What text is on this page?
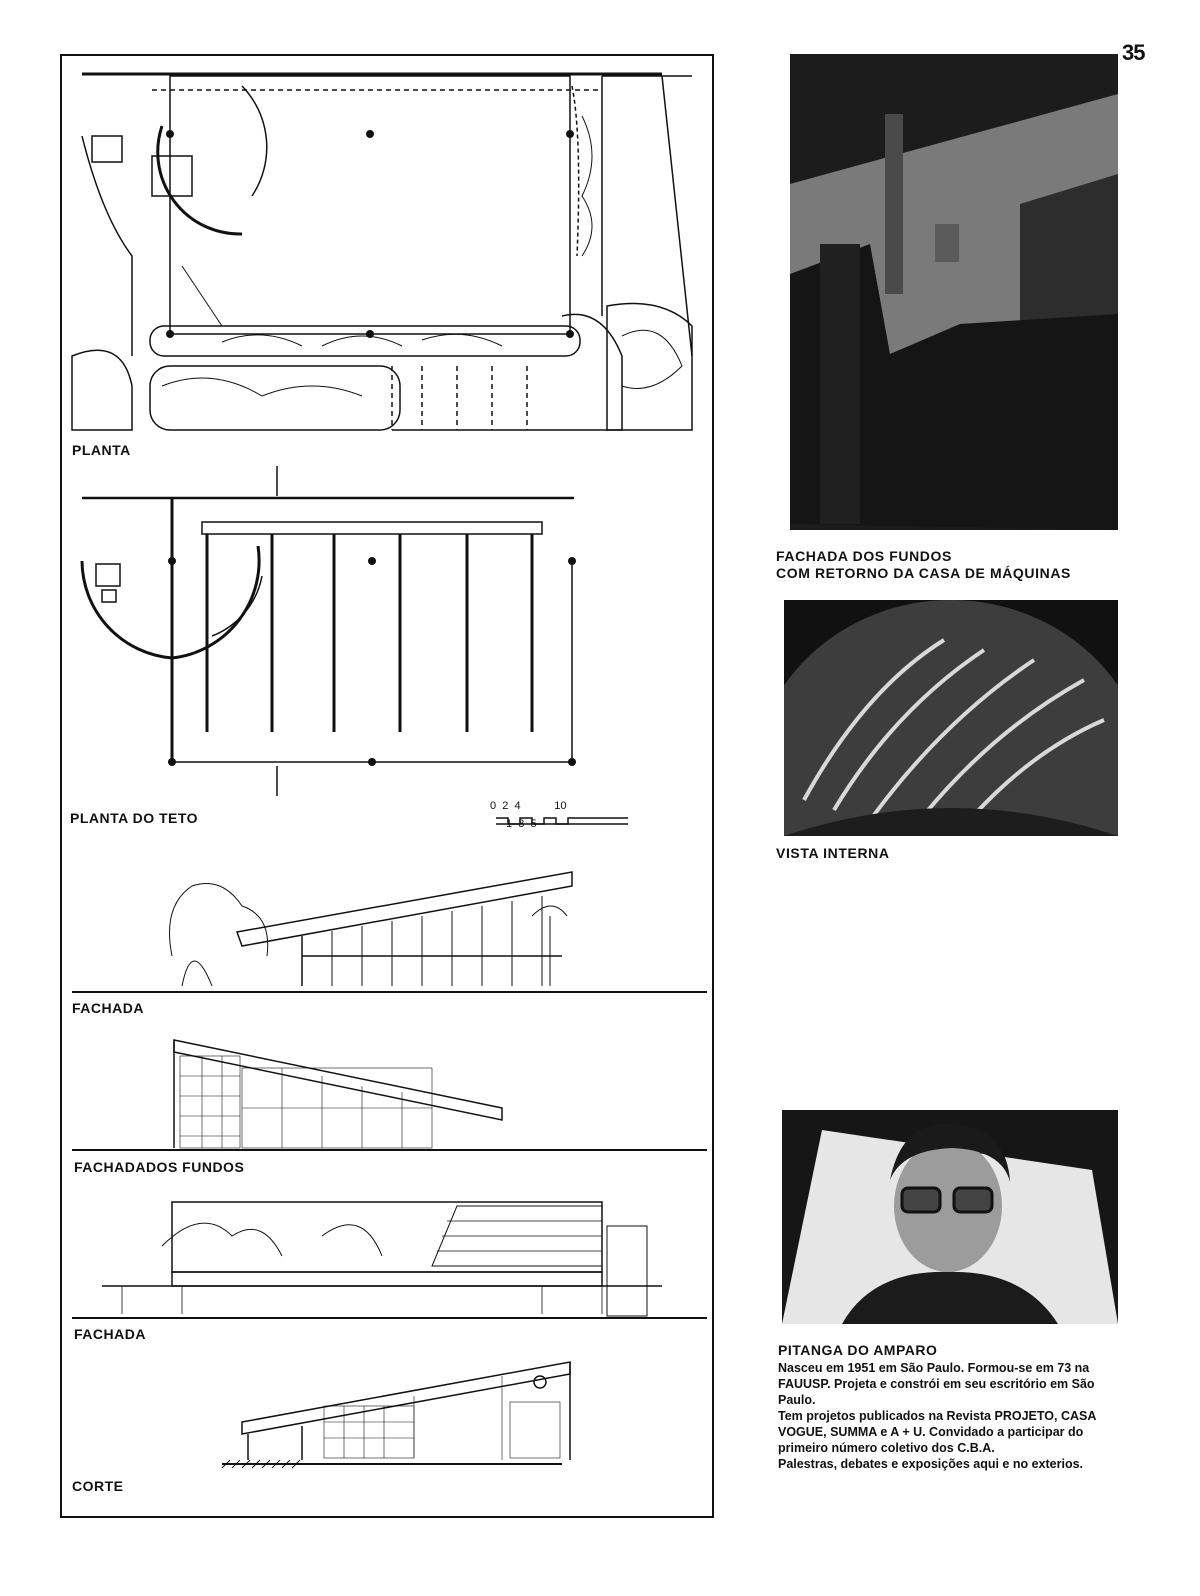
35
PLANTA
PLANTA DO TETO
FACHADA
FACHADADOS FUNDOS
FACHADA
CORTE
0  2  4           10
1  3  5
FACHADA DOS FUNDOS
COM RETORNO DA CASA DE MÁQUINAS
VISTA INTERNA
PITANGA DO AMPARO

Nasceu em 1951 em São Paulo. Formou-se em 73 na FAUUSP. Projeta e constrói em seu escritório em São Paulo.

Tem projetos publicados na Revista PROJETO, CASA VOGUE, SUMMA e A + U. Convidado a participar do primeiro número coletivo dos C.B.A.

Palestras, debates e exposições aqui e no exterios.
